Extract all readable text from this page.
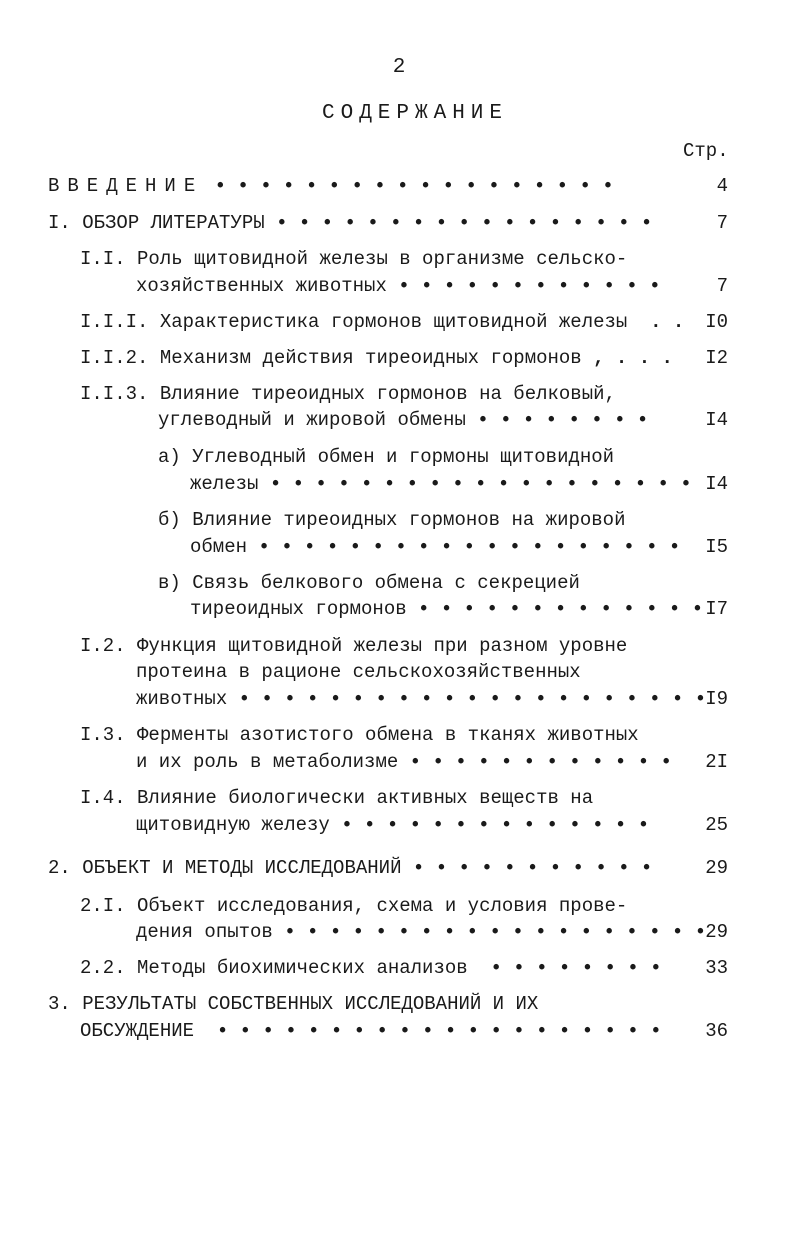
2
СОДЕРЖАНИЕ
Стр.
ВВЕДЕНИЕ • • • • • • • • • • • • • • • • • •	4
I. ОБЗОР ЛИТЕРАТУРЫ • • • • • • • • • • • • • • • • •	7
I.I. Роль щитовидной железы в организме сельско-
хозяйственных животных • • • • • • • • • • • •	7
I.I.I. Характеристика гормонов щитовидной железы . .	I0
I.I.2. Механизм действия тиреоидных гормонов , . . .	I2
I.I.3. Влияние тиреоидных гормонов на белковый,
углеводный и жировой обмены • • • • • • • •	I4
а) Углеводный обмен и гормоны щитовидной
железы • • • • • • • • • • • • • • • • • • • I4
б) Влияние тиреоидных гормонов на жировой
обмен • • • • • • • • • • • • • • • • • • •	I5
в) Связь белкового обмена с секрецией
тиреоидных гормонов • • • • • • • • • • • • • I7
I.2. Функция щитовидной железы при разном уровне
протеина в рационе сельскохозяйственных
животных • • • • • • • • • • • • • • • • • • • • • I9
I.3. Ферменты азотистого обмена в тканях животных
и их роль в метаболизме • • • • • • • • • • • •	2I
I.4. Влияние биологически активных веществ на
щитовидную железу • • • • • • • • • • • • • •	25
2. ОБЪЕКТ И МЕТОДЫ ИССЛЕДОВАНИЙ • • • • • • • • • • •	29
2.I. Объект исследования, схема и условия прове-
дения опытов • • • • • • • • • • • • • • • • • • • 29
2.2. Методы биохимических анализов • • • • • • • •	33
3. РЕЗУЛЬТАТЫ СОБСТВЕННЫХ ИССЛЕДОВАНИЙ И ИХ
ОБСУЖДЕНИЕ • • • • • • • • • • • • • • • • • • • •	36
